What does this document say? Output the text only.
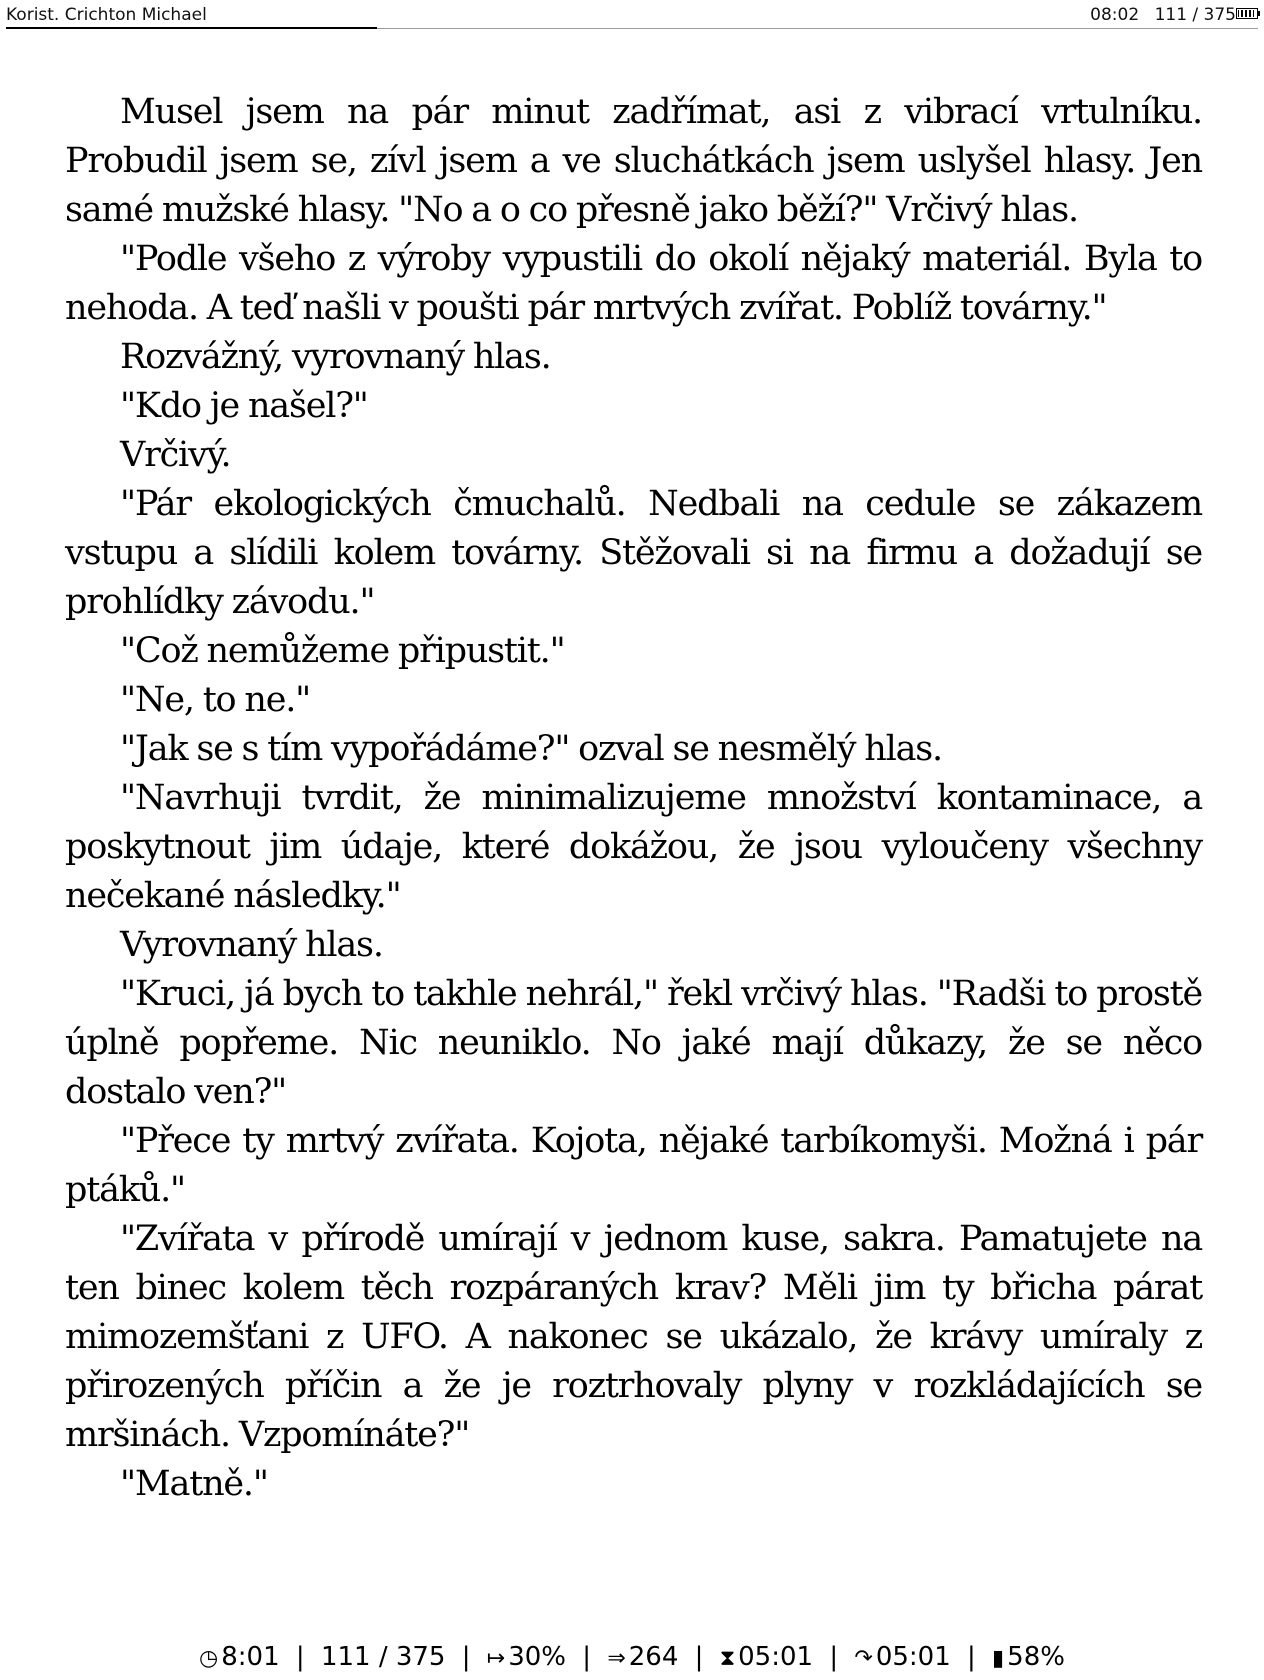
Korist. Crichton Michael	08:02 111 / 375

Musel jsem na pár minut zadřímat, asi z vibrací vrtulníku. Probudil jsem se, zívl jsem a ve sluchátkách jsem uslyšel hlasy. Jen samé mužské hlasy. "No a o co přesně jako běží?" Vrčivý hlas.

"Podle všeho z výroby vypustili do okolí nějaký materiál. Byla to nehoda. A teď našli v poušti pár mrtvých zvířat. Poblíž továrny."

Rozvážný, vyrovnaný hlas.

"Kdo je našel?"

Vrčivý.

"Pár ekologických čmuchalů. Nedbali na cedule se zákazem vstupu a slídili kolem továrny. Stěžovali si na firmu a dožadují se prohlídky závodu."

"Což nemůžeme připustit."

"Ne, to ne."

"Jak se s tím vypořádáme?" ozval se nesmělý hlas.

"Navrhuji tvrdit, že minimalizujeme množství kontaminace, a poskytnout jim údaje, které dokážou, že jsou vyloučeny všechny nečekané následky."

Vyrovnaný hlas.

"Kruci, já bych to takhle nehrál," řekl vrčivý hlas. "Radši to prostě úplně popřeme. Nic neuniklo. No jaké mají důkazy, že se něco dostalo ven?"

"Přece ty mrtvý zvířata. Kojota, nějaké tarbíkomyši. Možná i pár ptáků."

"Zvířata v přírodě umírají v jednom kuse, sakra. Pamatujete na ten binec kolem těch rozpáraných krav? Měli jim ty břicha párat mimozemšťani z UFO. A nakonec se ukázalo, že krávy umíraly z přirozených příčin a že je roztrhovaly plyny v rozkládajících se mršinách. Vzpomínáte?"

"Matně."

◷ 8:01 | 111 / 375 | ↦ 30% | ⇒ 264 | ⧗ 05:01 | ↷ 05:01 | ▮ 58%
